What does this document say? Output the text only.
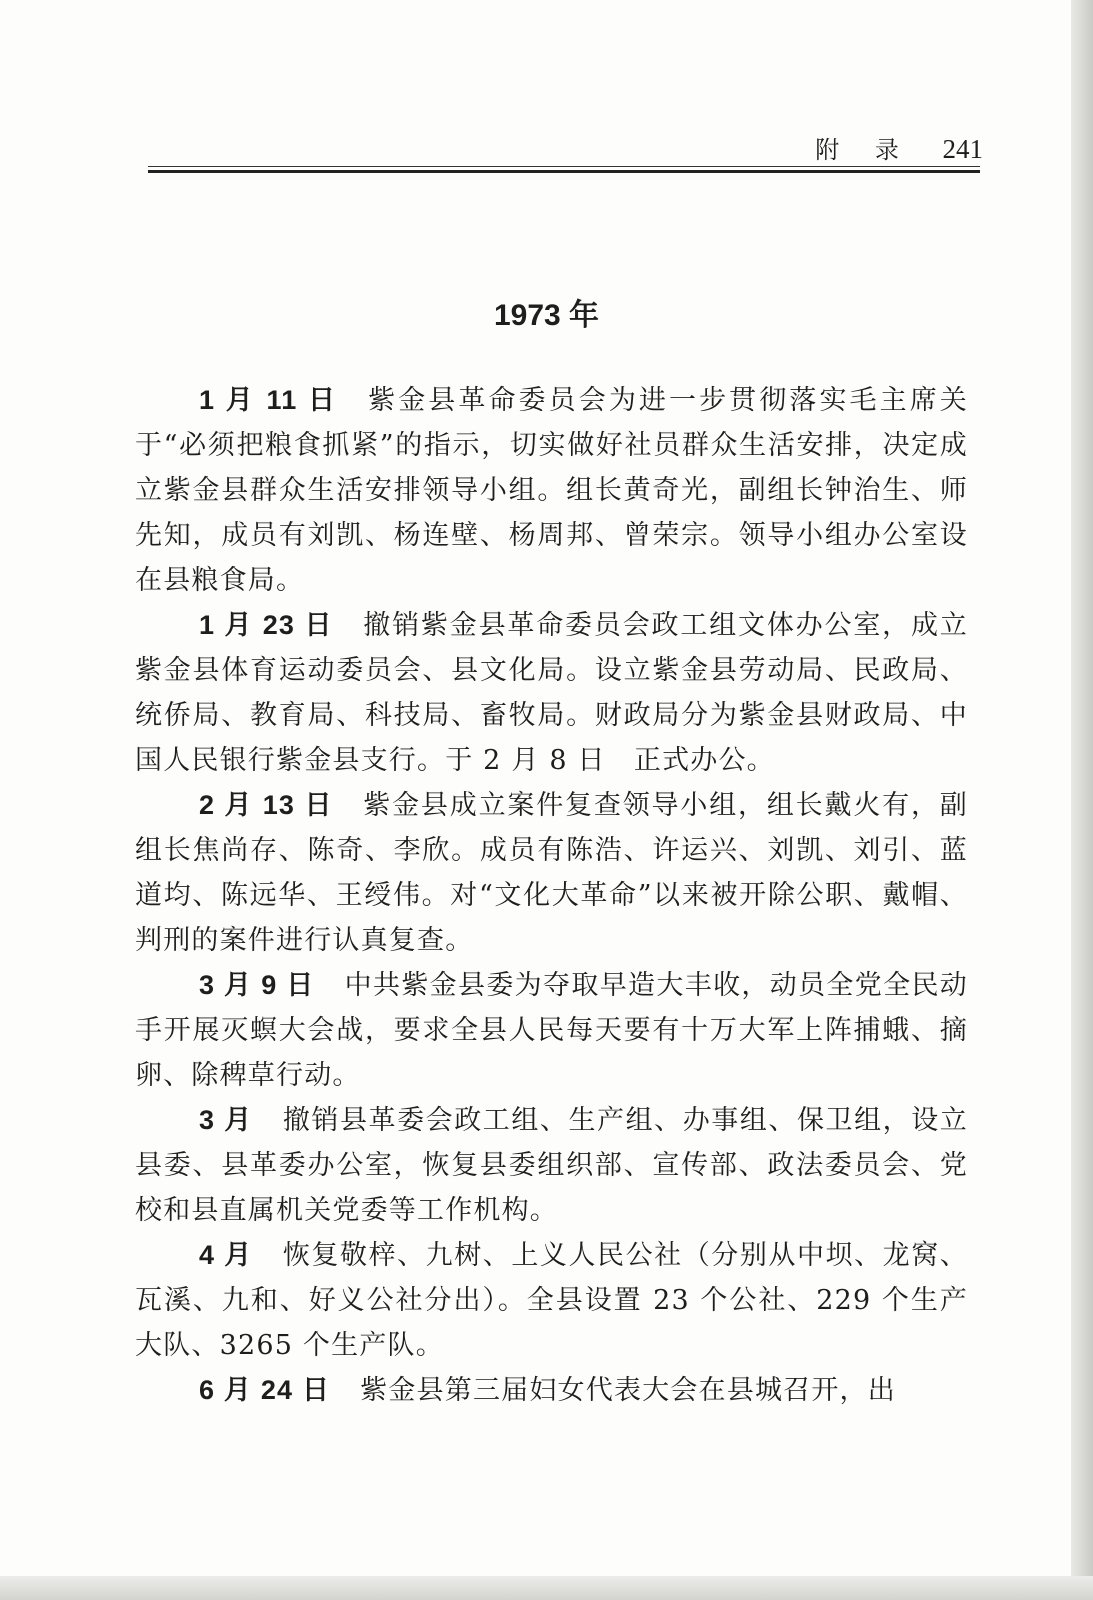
附 录 241
1973 年

1 月 11 日 紫金县革命委员会为进一步贯彻落实毛主席关于“必须把粮食抓紧”的指示，切实做好社员群众生活安排，决定成立紫金县群众生活安排领导小组。组长黄奇光，副组长钟治生、师先知，成员有刘凯、杨连壁、杨周邦、曾荣宗。领导小组办公室设在县粮食局。

1 月 23 日 撤销紫金县革命委员会政工组文体办公室，成立紫金县体育运动委员会、县文化局。设立紫金县劳动局、民政局、统侨局、教育局、科技局、畜牧局。财政局分为紫金县财政局、中国人民银行紫金县支行。于 2 月 8 日　正式办公。

2 月 13 日 紫金县成立案件复查领导小组，组长戴火有，副组长焦尚存、陈奇、李欣。成员有陈浩、许运兴、刘凯、刘引、蓝道均、陈远华、王绶伟。对“文化大革命”以来被开除公职、戴帽、判刑的案件进行认真复查。

3 月 9 日 中共紫金县委为夺取早造大丰收，动员全党全民动手开展灭螟大会战，要求全县人民每天要有十万大军上阵捕蛾、摘卵、除稗草行动。

3 月 撤销县革委会政工组、生产组、办事组、保卫组，设立县委、县革委办公室，恢复县委组织部、宣传部、政法委员会、党校和县直属机关党委等工作机构。

4 月 恢复敬梓、九树、上义人民公社（分别从中坝、龙窝、瓦溪、九和、好义公社分出）。全县设置 23 个公社、229 个生产大队、3265 个生产队。

6 月 24 日 紫金县第三届妇女代表大会在县城召开，出
